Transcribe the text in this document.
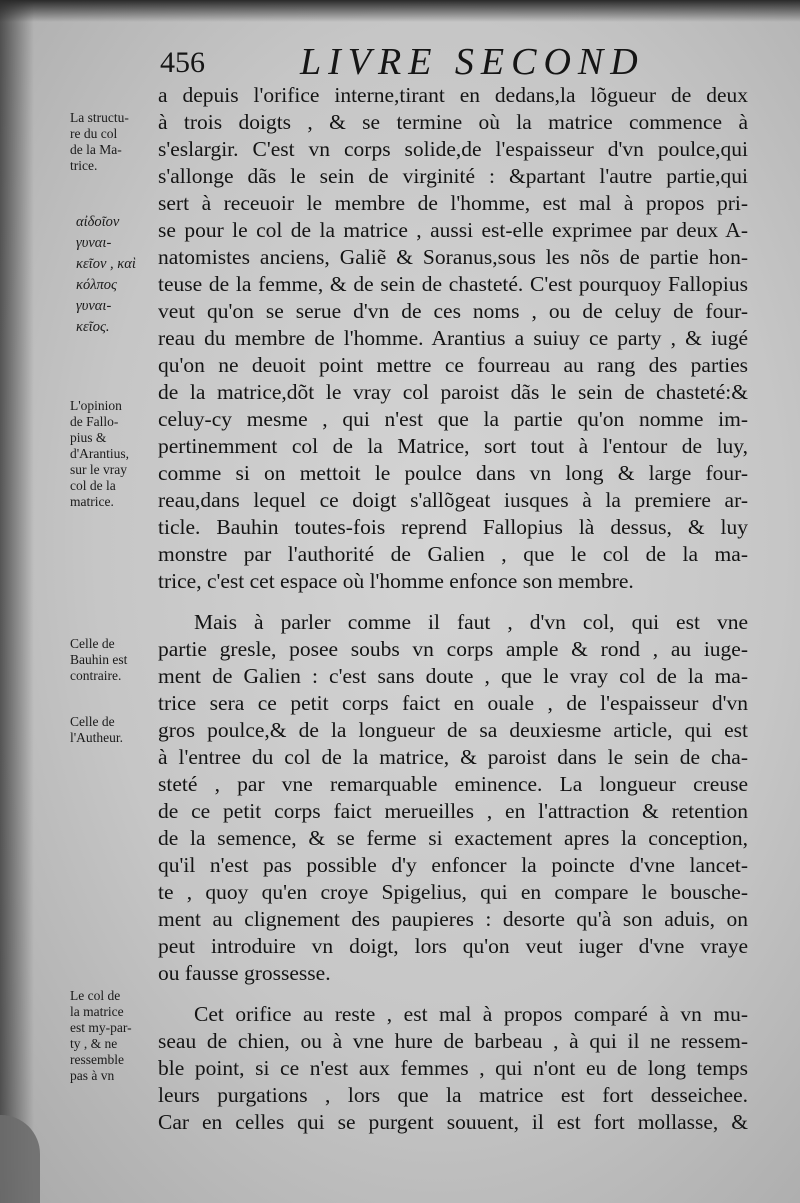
456	LIVRE SECOND
La structu-
re du col
de la Ma-
trice.
αἰδοῖον
γυναι-
κεῖον , καὶ
κόλπος
γυναι-
κεῖος.
L'opinion
de Fallo-
pius &
d'Arantius,
sur le vray
col de la
matrice.
Celle de
Bauhin est
contraire.
Celle de
l'Autheur.
Le col de
la matrice
est my-par-
ty , & ne
ressemble
pas à vn
a depuis l'orifice interne,tirant en dedans,la lõgueur de deux
à trois doigts , & se termine où la matrice commence à
s'eslargir. C'est vn corps solide,de l'espaisseur d'vn poulce,qui
s'allonge dãs le sein de virginité : &partant l'autre partie,qui
sert à receuoir le membre de l'homme, est mal à propos pri-
se pour le col de la matrice , aussi est-elle exprimee par deux A-
natomistes anciens, Galiẽ & Soranus,sous les nõs de partie hon-
teuse de la femme, & de sein de chasteté. C'est pourquoy Fallopius
veut qu'on se serue d'vn de ces noms , ou de celuy de four-
reau du membre de l'homme. Arantius a suiuy ce party , & iugé
qu'on ne deuoit point mettre ce fourreau au rang des parties
de la matrice,dõt le vray col paroist dãs le sein de chasteté:&
celuy-cy mesme , qui n'est que la partie qu'on nomme im-
pertinemment col de la Matrice, sort tout à l'entour de luy,
comme si on mettoit le poulce dans vn long & large four-
reau,dans lequel ce doigt s'allõgeat iusques à la premiere ar-
ticle. Bauhin toutes-fois reprend Fallopius là dessus, & luy
monstre par l'authorité de Galien , que le col de la ma-
trice, c'est cet espace où l'homme enfonce son membre.
Mais à parler comme il faut , d'vn col, qui est vne
partie gresle, posee soubs vn corps ample & rond , au iuge-
ment de Galien : c'est sans doute , que le vray col de la ma-
trice sera ce petit corps faict en ouale , de l'espaisseur d'vn
gros poulce,& de la longueur de sa deuxiesme article, qui est
à l'entree du col de la matrice, & paroist dans le sein de cha-
steté , par vne remarquable eminence. La longueur creuse
de ce petit corps faict merueilles , en l'attraction & retention
de la semence, & se ferme si exactement apres la conception,
qu'il n'est pas possible d'y enfoncer la poincte d'vne lancet-
te , quoy qu'en croye Spigelius, qui en compare le bousche-
ment au clignement des paupieres : desorte qu'à son aduis, on
peut introduire vn doigt, lors qu'on veut iuger d'vne vraye
ou fausse grossesse.
Cet orifice au reste , est mal à propos comparé à vn mu-
seau de chien, ou à vne hure de barbeau , à qui il ne ressem-
ble point, si ce n'est aux femmes , qui n'ont eu de long temps
leurs purgations , lors que la matrice est fort desseichee.
Car en celles qui se purgent souuent, il est fort mollasse, &
